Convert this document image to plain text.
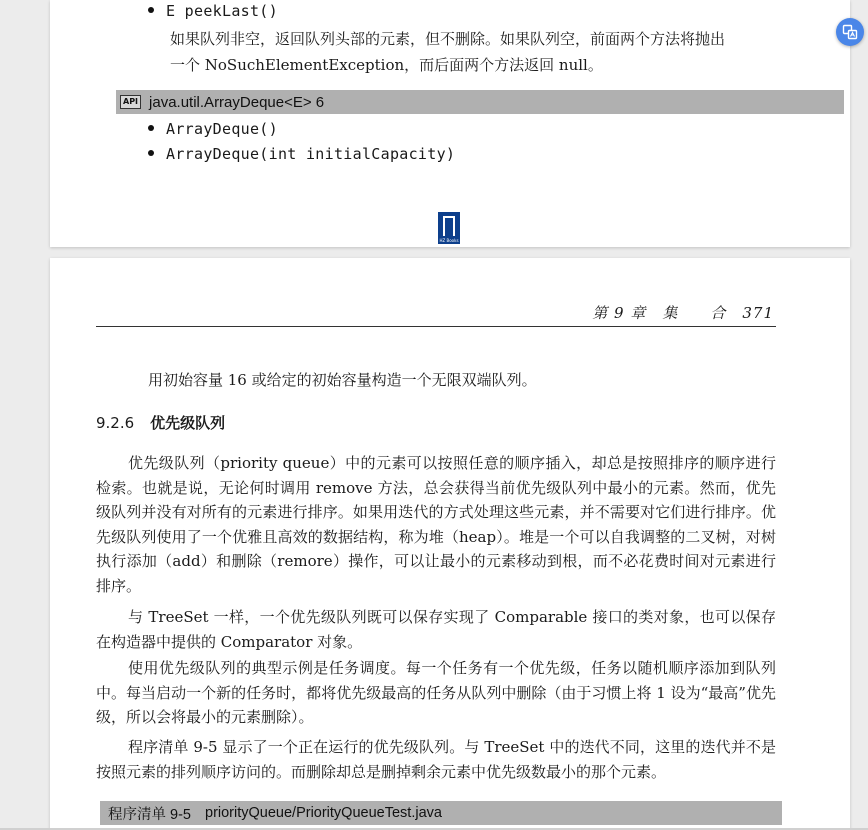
E peekLast()
如果队列非空，返回队列头部的元素，但不删除。如果队列空，前面两个方法将抛出
一个 NoSuchElementException，而后面两个方法返回 null。
API java.util.ArrayDeque<E> 6
ArrayDeque()
ArrayDeque(int initialCapacity)
HZ Books
第 9 章　集　　合　371
用初始容量 16 或给定的初始容量构造一个无限双端队列。
9.2.6 优先级队列
优先级队列（priority queue）中的元素可以按照任意的顺序插入，却总是按照排序的顺序进行检索。也就是说，无论何时调用 remove 方法，总会获得当前优先级队列中最小的元素。然而，优先级队列并没有对所有的元素进行排序。如果用迭代的方式处理这些元素，并不需要对它们进行排序。优先级队列使用了一个优雅且高效的数据结构，称为堆（heap）。堆是一个可以自我调整的二叉树，对树执行添加（add）和删除（remore）操作，可以让最小的元素移动到根，而不必花费时间对元素进行排序。
与 TreeSet 一样，一个优先级队列既可以保存实现了 Comparable 接口的类对象，也可以保存在构造器中提供的 Comparator 对象。
使用优先级队列的典型示例是任务调度。每一个任务有一个优先级，任务以随机顺序添加到队列中。每当启动一个新的任务时，都将优先级最高的任务从队列中删除（由于习惯上将 1 设为“最高”优先级，所以会将最小的元素删除）。
程序清单 9-5 显示了一个正在运行的优先级队列。与 TreeSet 中的迭代不同，这里的迭代并不是按照元素的排列顺序访问的。而删除却总是删掉剩余元素中优先级数最小的那个元素。
程序清单 9-5 priorityQueue/PriorityQueueTest.java
